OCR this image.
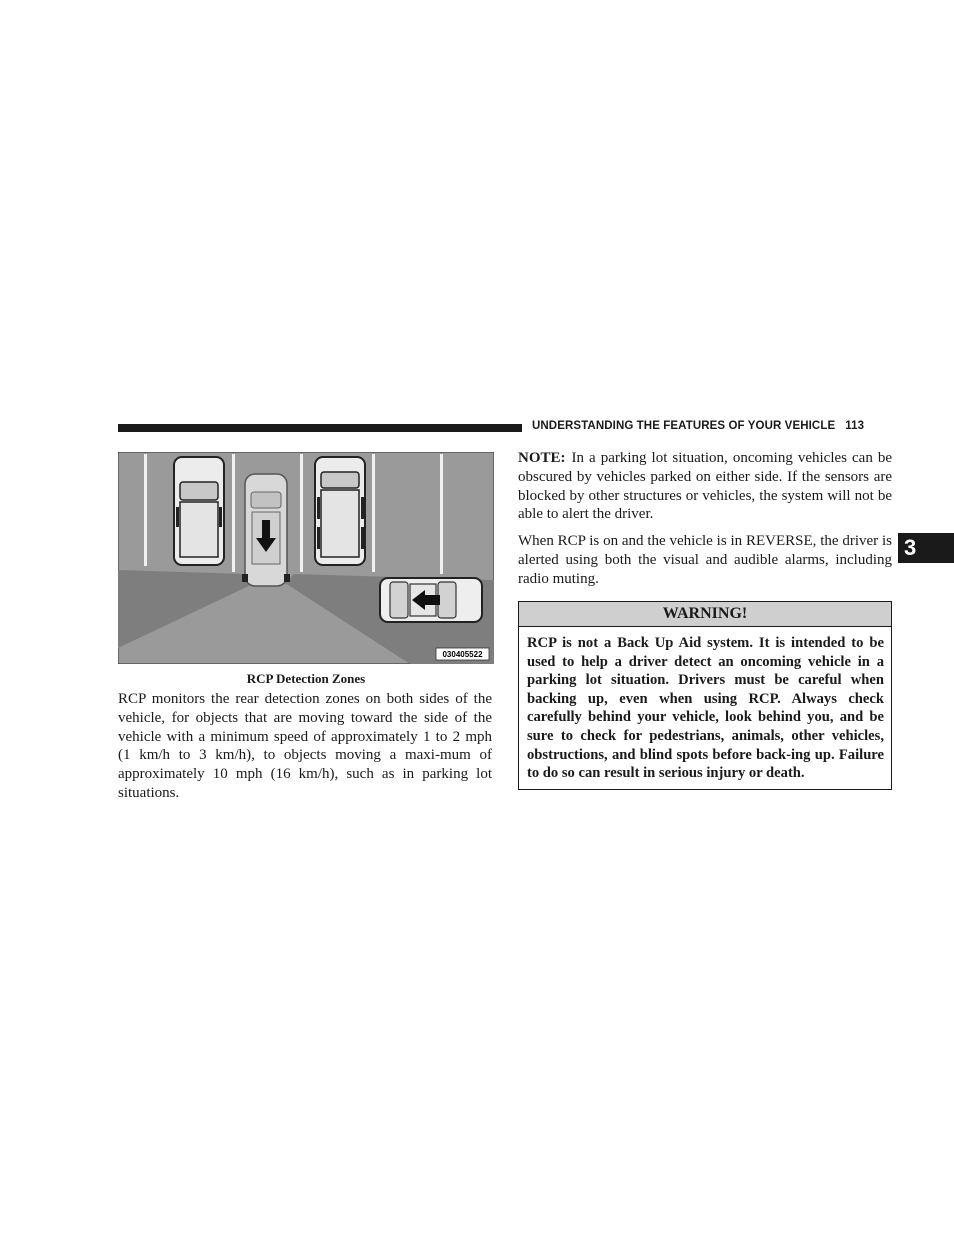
UNDERSTANDING THE FEATURES OF YOUR VEHICLE 113
3
030405522
RCP Detection Zones

RCP monitors the rear detection zones on both sides of the vehicle, for objects that are moving toward the side of the vehicle with a minimum speed of approximately 1 to 2 mph (1 km/h to 3 km/h), to objects moving a maxi-mum of approximately 10 mph (16 km/h), such as in parking lot situations.

NOTE: In a parking lot situation, oncoming vehicles can be obscured by vehicles parked on either side. If the sensors are blocked by other structures or vehicles, the system will not be able to alert the driver.

When RCP is on and the vehicle is in REVERSE, the driver is alerted using both the visual and audible alarms, including radio muting.

WARNING!
RCP is not a Back Up Aid system. It is intended to be used to help a driver detect an oncoming vehicle in a parking lot situation. Drivers must be careful when backing up, even when using RCP. Always check carefully behind your vehicle, look behind you, and be sure to check for pedestrians, animals, other vehicles, obstructions, and blind spots before back-ing up. Failure to do so can result in serious injury or death.
